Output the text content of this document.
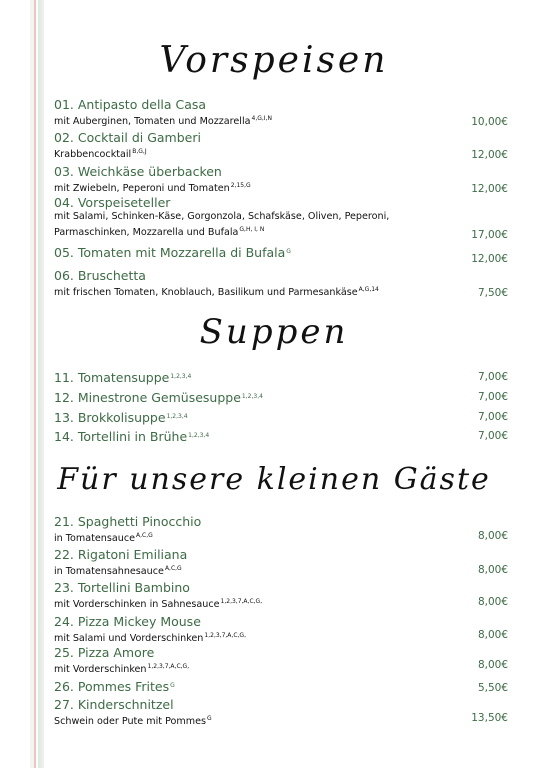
Vorspeisen
01. Antipasto della Casa
mit Auberginen, Tomaten und Mozzarella$^{4,G,I,N}$	10,00€
02. Cocktail di Gamberi
Krabbencocktail$^{B,G,J}$	12,00€
03. Weichkäse überbacken
mit Zwiebeln, Peperoni und Tomaten$^{2,15,G}$	12,00€
04. Vorspeiseteller
mit Salami, Schinken-Käse, Gorgonzola, Schafskäse, Oliven, Peperoni, Parmaschinken, Mozzarella und Bufala$^{G,H, I, N}$	17,00€
05. Tomaten mit Mozzarella di Bufala$^G$
12,00€
06. Bruschetta
mit frischen Tomaten, Knoblauch, Basilikum und Parmesankäse$^{A,G,14}$	7,50€
Suppen
11. Tomatensuppe$^{1,2,3,4}$	7,00€
12. Minestrone Gemüsesuppe$^{1,2,3,4}$	7,00€
13. Brokkolisuppe$^{1,2,3,4}$	7,00€
14. Tortellini in Brühe$^{1,2,3,4}$	7,00€
Für unsere kleinen Gäste
21. Spaghetti Pinocchio
in Tomatensauce$^{A,C,G}$	8,00€
22. Rigatoni Emiliana
in Tomatensahnesauce$^{A,C,G}$	8,00€
23. Tortellini Bambino
mit Vorderschinken in Sahnesauce$^{1,2,3,7,A,C,G,}$	8,00€
24. Pizza Mickey Mouse
mit Salami und Vorderschinken$^{1,2,3,7,A,C,G,}$	8,00€
25. Pizza Amore
mit Vorderschinken$^{1,2,3,7,A,C,G,}$	8,00€
26. Pommes Frites$^G$	5,50€
27. Kinderschnitzel
Schwein oder Pute mit Pommes$^G$	13,50€
